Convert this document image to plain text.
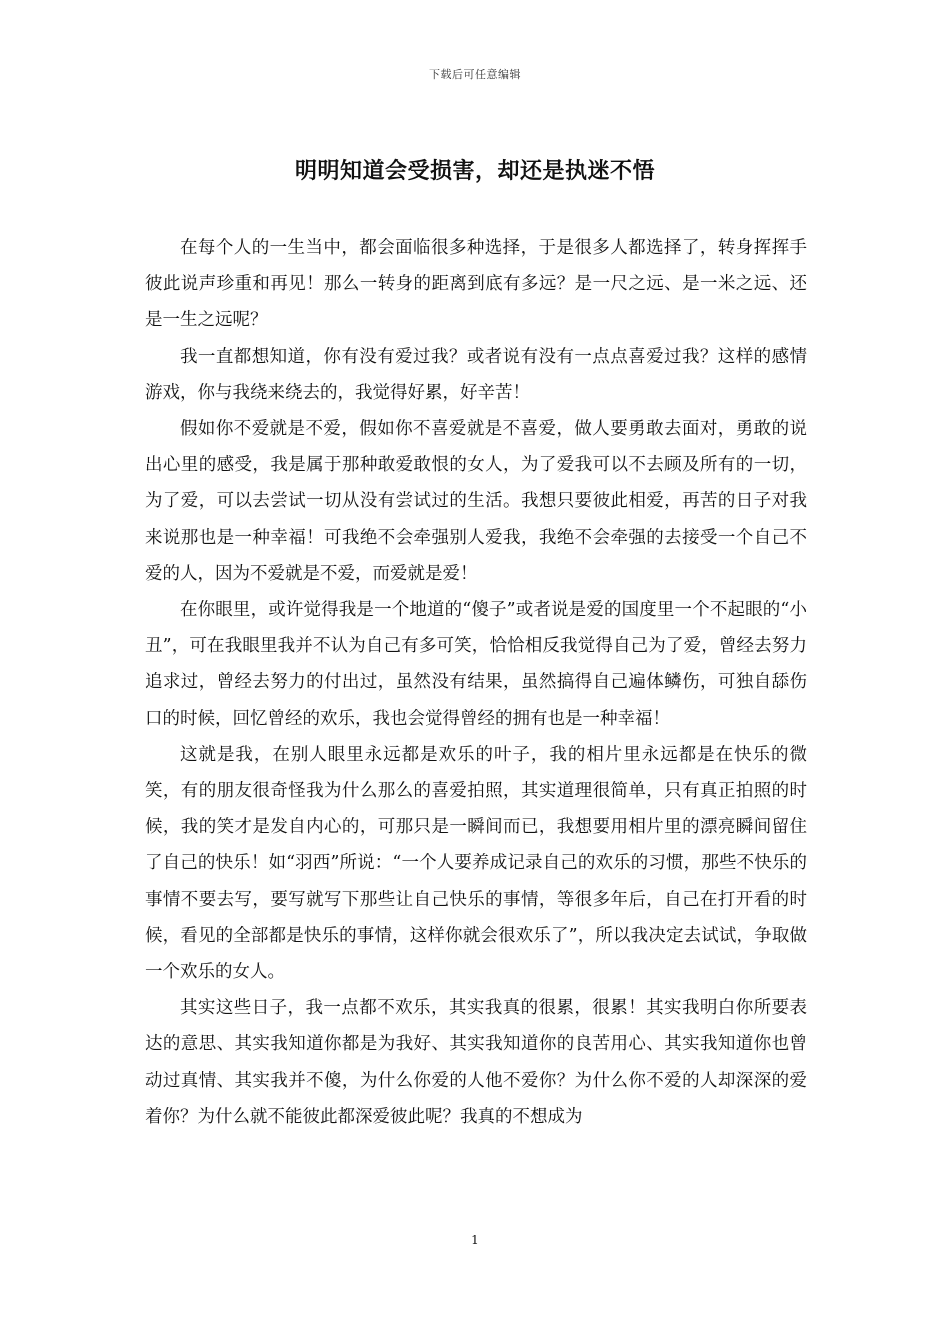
下载后可任意编辑
明明知道会受损害，却还是执迷不悟

在每个人的一生当中，都会面临很多种选择，于是很多人都选择了，转身挥挥手彼此说声珍重和再见！那么一转身的距离到底有多远？是一尺之远、是一米之远、还是一生之远呢？

我一直都想知道，你有没有爱过我？或者说有没有一点点喜爱过我？这样的感情游戏，你与我绕来绕去的，我觉得好累，好辛苦！

假如你不爱就是不爱，假如你不喜爱就是不喜爱，做人要勇敢去面对，勇敢的说出心里的感受，我是属于那种敢爱敢恨的女人，为了爱我可以不去顾及所有的一切，为了爱，可以去尝试一切从没有尝试过的生活。我想只要彼此相爱，再苦的日子对我来说那也是一种幸福！可我绝不会牵强别人爱我，我绝不会牵强的去接受一个自己不爱的人，因为不爱就是不爱，而爱就是爱！

在你眼里，或许觉得我是一个地道的“傻子”或者说是爱的国度里一个不起眼的“小丑”，可在我眼里我并不认为自己有多可笑，恰恰相反我觉得自己为了爱，曾经去努力追求过，曾经去努力的付出过，虽然没有结果，虽然搞得自己遍体鳞伤，可独自舔伤口的时候，回忆曾经的欢乐，我也会觉得曾经的拥有也是一种幸福！

这就是我，在别人眼里永远都是欢乐的叶子，我的相片里永远都是在快乐的微笑，有的朋友很奇怪我为什么那么的喜爱拍照，其实道理很简单，只有真正拍照的时候，我的笑才是发自内心的，可那只是一瞬间而已，我想要用相片里的漂亮瞬间留住了自己的快乐！如“羽西”所说：“一个人要养成记录自己的欢乐的习惯，那些不快乐的事情不要去写，要写就写下那些让自己快乐的事情，等很多年后，自己在打开看的时候，看见的全部都是快乐的事情，这样你就会很欢乐了”，所以我决定去试试，争取做一个欢乐的女人。

其实这些日子，我一点都不欢乐，其实我真的很累，很累！其实我明白你所要表达的意思、其实我知道你都是为我好、其实我知道你的良苦用心、其实我知道你也曾动过真情、其实我并不傻，为什么你爱的人他不爱你？为什么你不爱的人却深深的爱着你？为什么就不能彼此都深爱彼此呢？我真的不想成为

1
